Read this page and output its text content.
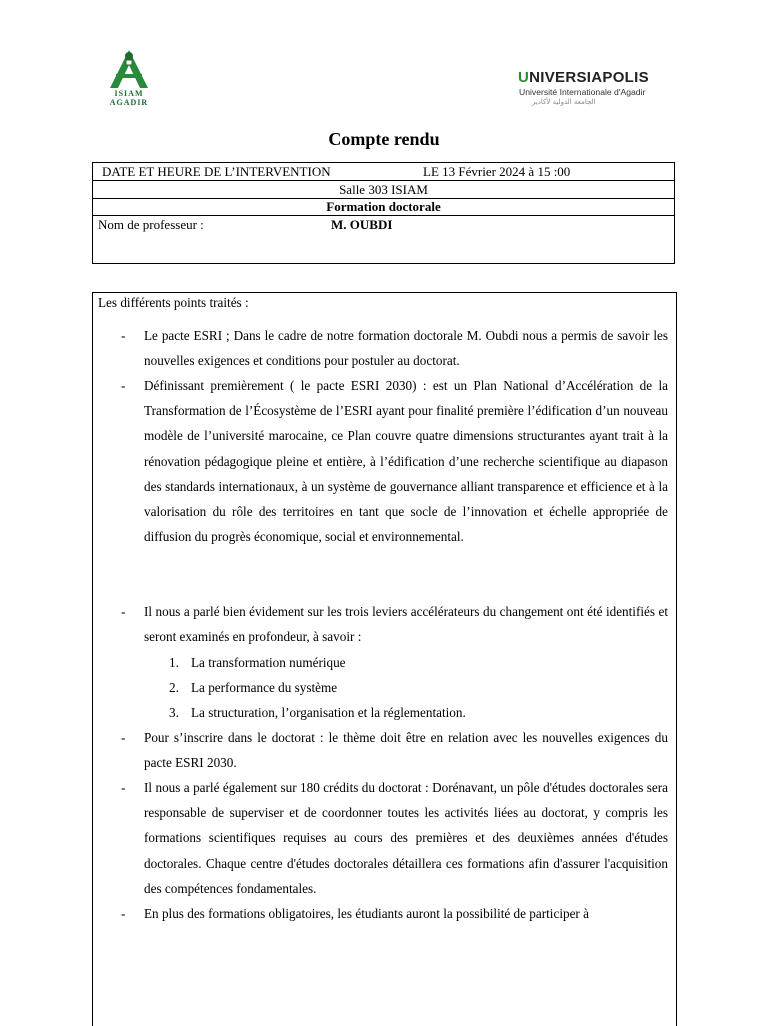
ISIAM
AGADIR
UNIVERSIAPOLIS
Université Internationale d'Agadir
الجامعة الدولية لأكادير
Compte rendu
DATE ET HEURE DE L’INTERVENTION	LE 13 Février 2024 à 15 :00
Salle 303 ISIAM
Formation doctorale
Nom de professeur :	M. OUBDI
Les différents points traités :
- Le pacte ESRI ; Dans le cadre de notre formation doctorale M. Oubdi nous a permis de savoir les nouvelles exigences et conditions pour postuler au doctorat.
- Définissant premièrement ( le pacte ESRI 2030) : est un Plan National d’Accélération de la Transformation de l’Écosystème de l’ESRI ayant pour finalité première l’édification d’un nouveau modèle de l’université marocaine, ce Plan couvre quatre dimensions structurantes ayant trait à la rénovation pédagogique pleine et entière, à l’édification d’une recherche scientifique au diapason des standards internationaux, à un système de gouvernance alliant transparence et efficience et à la valorisation du rôle des territoires en tant que socle de l’innovation et échelle appropriée de diffusion du progrès économique, social et environnemental.
- Il nous a parlé bien évidement sur les trois leviers accélérateurs du changement ont été identifiés et seront examinés en profondeur, à savoir :
1. La transformation numérique
2. La performance du système
3. La structuration, l’organisation et la réglementation.
- Pour s’inscrire dans le doctorat : le thème doit être en relation avec les nouvelles exigences du pacte ESRI 2030.
- Il nous a parlé également sur 180 crédits du doctorat : Dorénavant, un pôle d'études doctorales sera responsable de superviser et de coordonner toutes les activités liées au doctorat, y compris les formations scientifiques requises au cours des premières et des deuxièmes années d'études doctorales. Chaque centre d'études doctorales détaillera ces formations afin d'assurer l'acquisition des compétences fondamentales.
- En plus des formations obligatoires, les étudiants auront la possibilité de participer à
